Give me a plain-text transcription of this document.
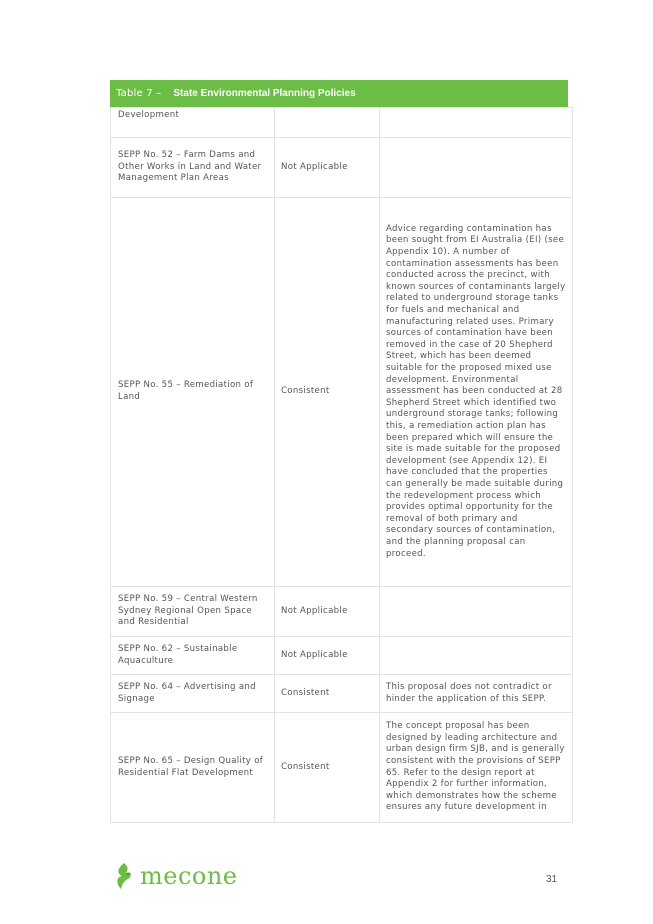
Table 7 – State Environmental Planning Policies
Development		
SEPP No. 52 – Farm Dams and Other Works in Land and Water Management Plan Areas	Not Applicable	
SEPP No. 55 – Remediation of Land	Consistent	Advice regarding contamination has been sought from EI Australia (EI) (see Appendix 10). A number of contamination assessments has been conducted across the precinct, with known sources of contaminants largely related to underground storage tanks for fuels and mechanical and manufacturing related uses. Primary sources of contamination have been removed in the case of 20 Shepherd Street, which has been deemed suitable for the proposed mixed use development. Environmental assessment has been conducted at 28 Shepherd Street which identified two underground storage tanks; following this, a remediation action plan has been prepared which will ensure the site is made suitable for the proposed development (see Appendix 12). EI have concluded that the properties can generally be made suitable during the redevelopment process which provides optimal opportunity for the removal of both primary and secondary sources of contamination, and the planning proposal can proceed.
SEPP No. 59 – Central Western Sydney Regional Open Space and Residential	Not Applicable	
SEPP No. 62 – Sustainable Aquaculture	Not Applicable	
SEPP No. 64 – Advertising and Signage	Consistent	This proposal does not contradict or hinder the application of this SEPP.
SEPP No. 65 – Design Quality of Residential Flat Development	Consistent	The concept proposal has been designed by leading architecture and urban design firm SJB, and is generally consistent with the provisions of SEPP 65. Refer to the design report at Appendix 2 for further information, which demonstrates how the scheme ensures any future development in
mecone	31
